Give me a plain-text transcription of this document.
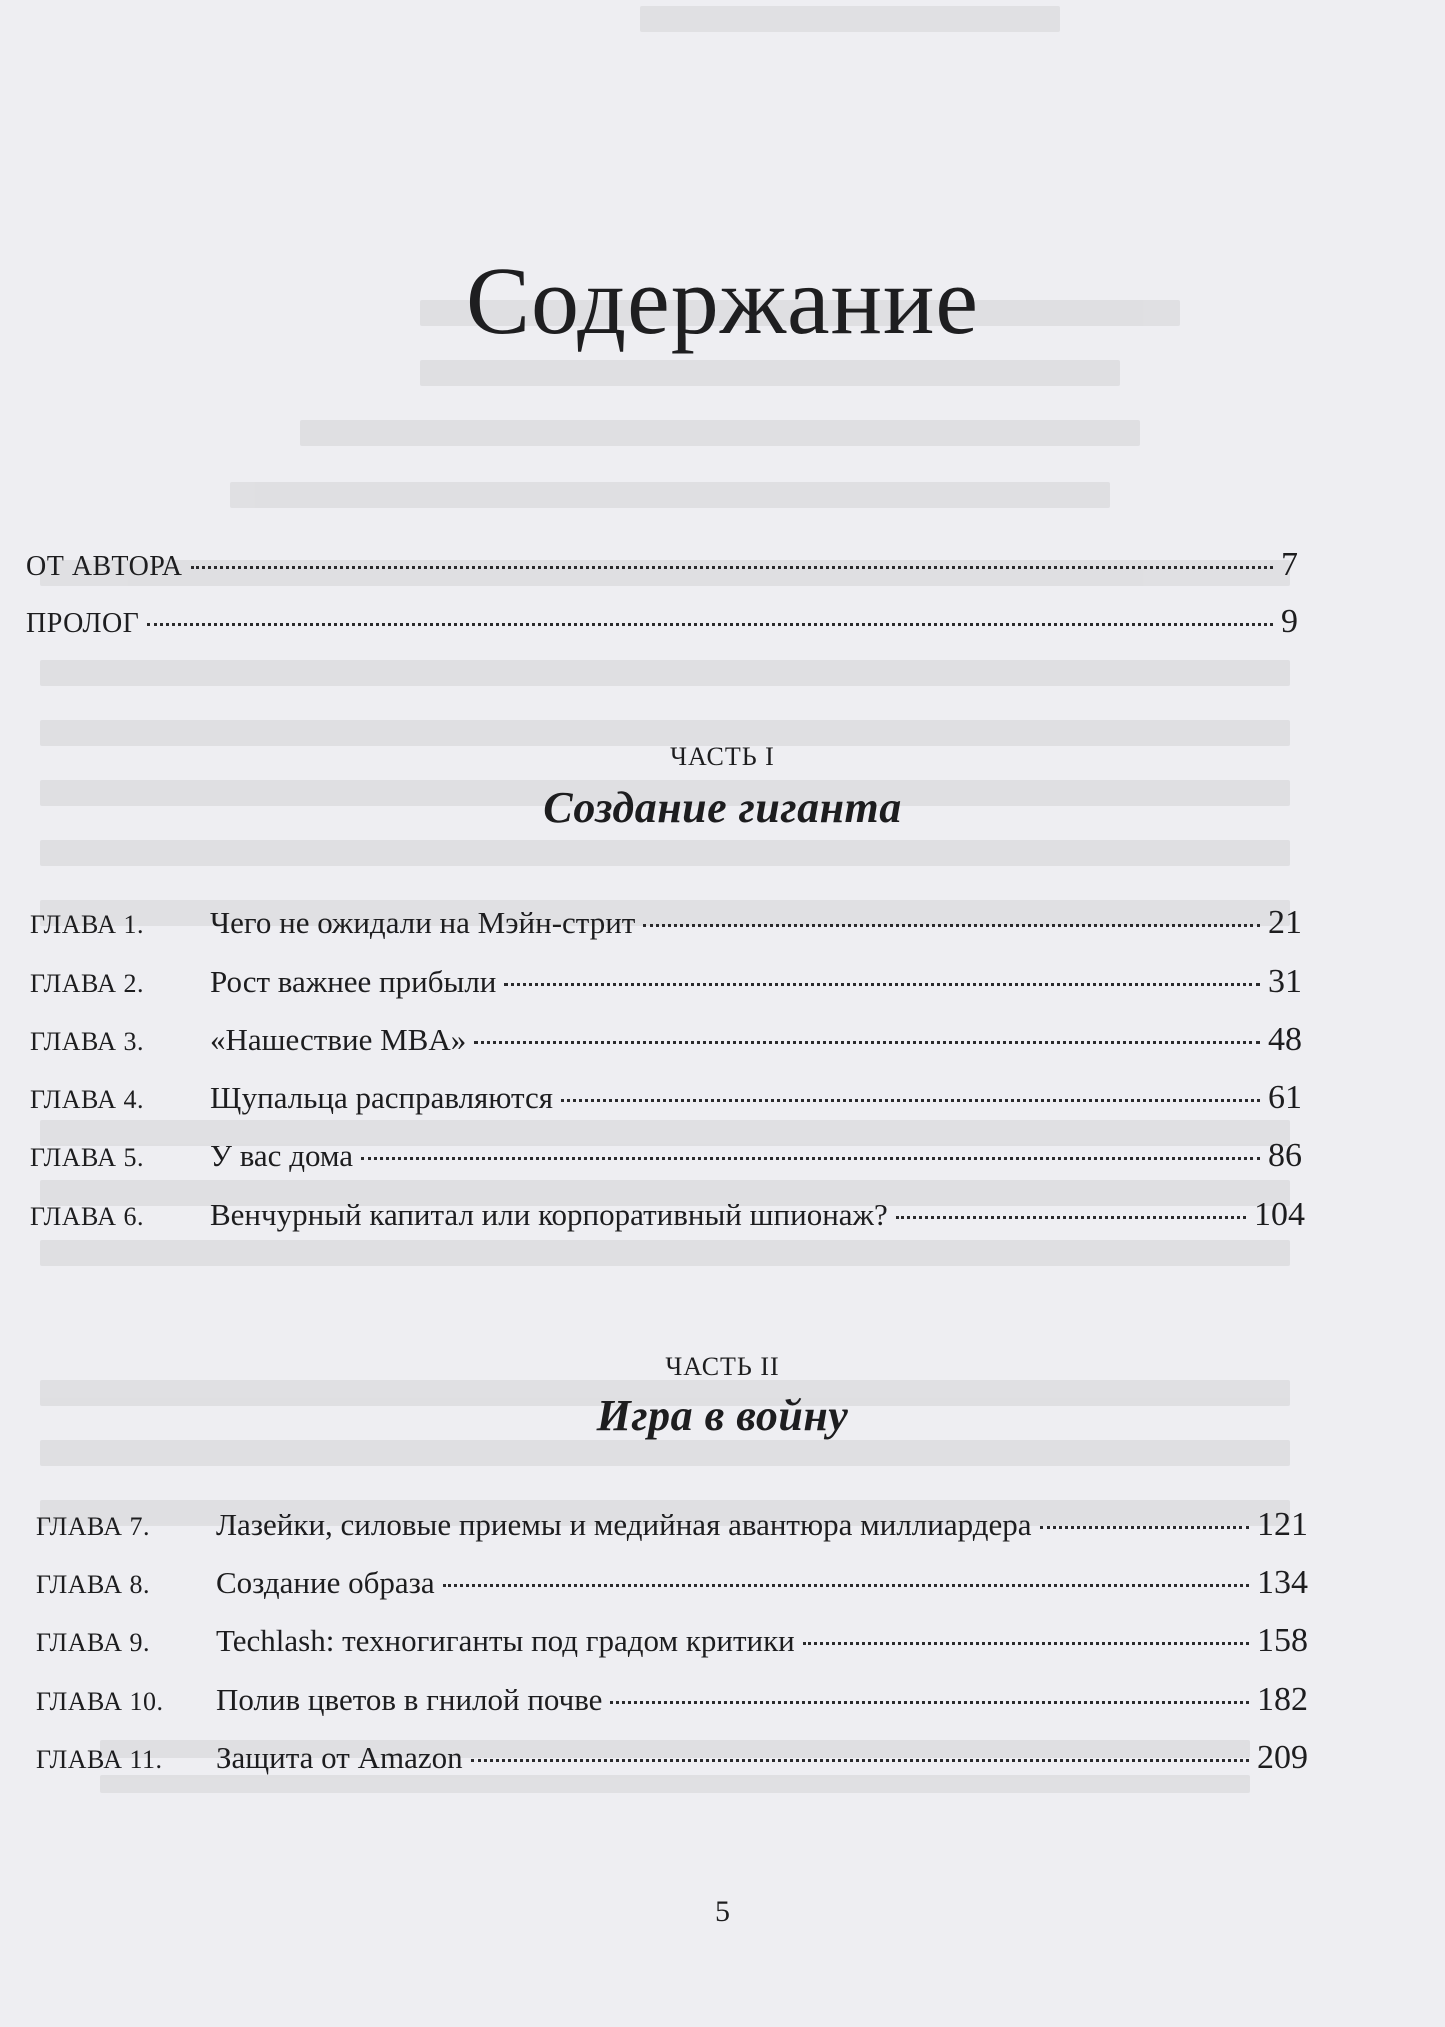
Содержание
ОТ АВТОРА	7
ПРОЛОГ	9
ЧАСТЬ I
Создание гиганта
ГЛАВА 1.	Чего не ожидали на Мэйн-стрит	21
ГЛАВА 2.	Рост важнее прибыли	31
ГЛАВА 3.	«Нашествие MBA»	48
ГЛАВА 4.	Щупальца расправляются	61
ГЛАВА 5.	У вас дома	86
ГЛАВА 6.	Венчурный капитал или корпоративный шпионаж?	104
ЧАСТЬ II
Игра в войну
ГЛАВА 7.	Лазейки, силовые приемы и медийная авантюра миллиардера	121
ГЛАВА 8.	Создание образа	134
ГЛАВА 9.	Techlash: техногиганты под градом критики	158
ГЛАВА 10.	Полив цветов в гнилой почве	182
ГЛАВА 11.	Защита от Amazon	209
5
